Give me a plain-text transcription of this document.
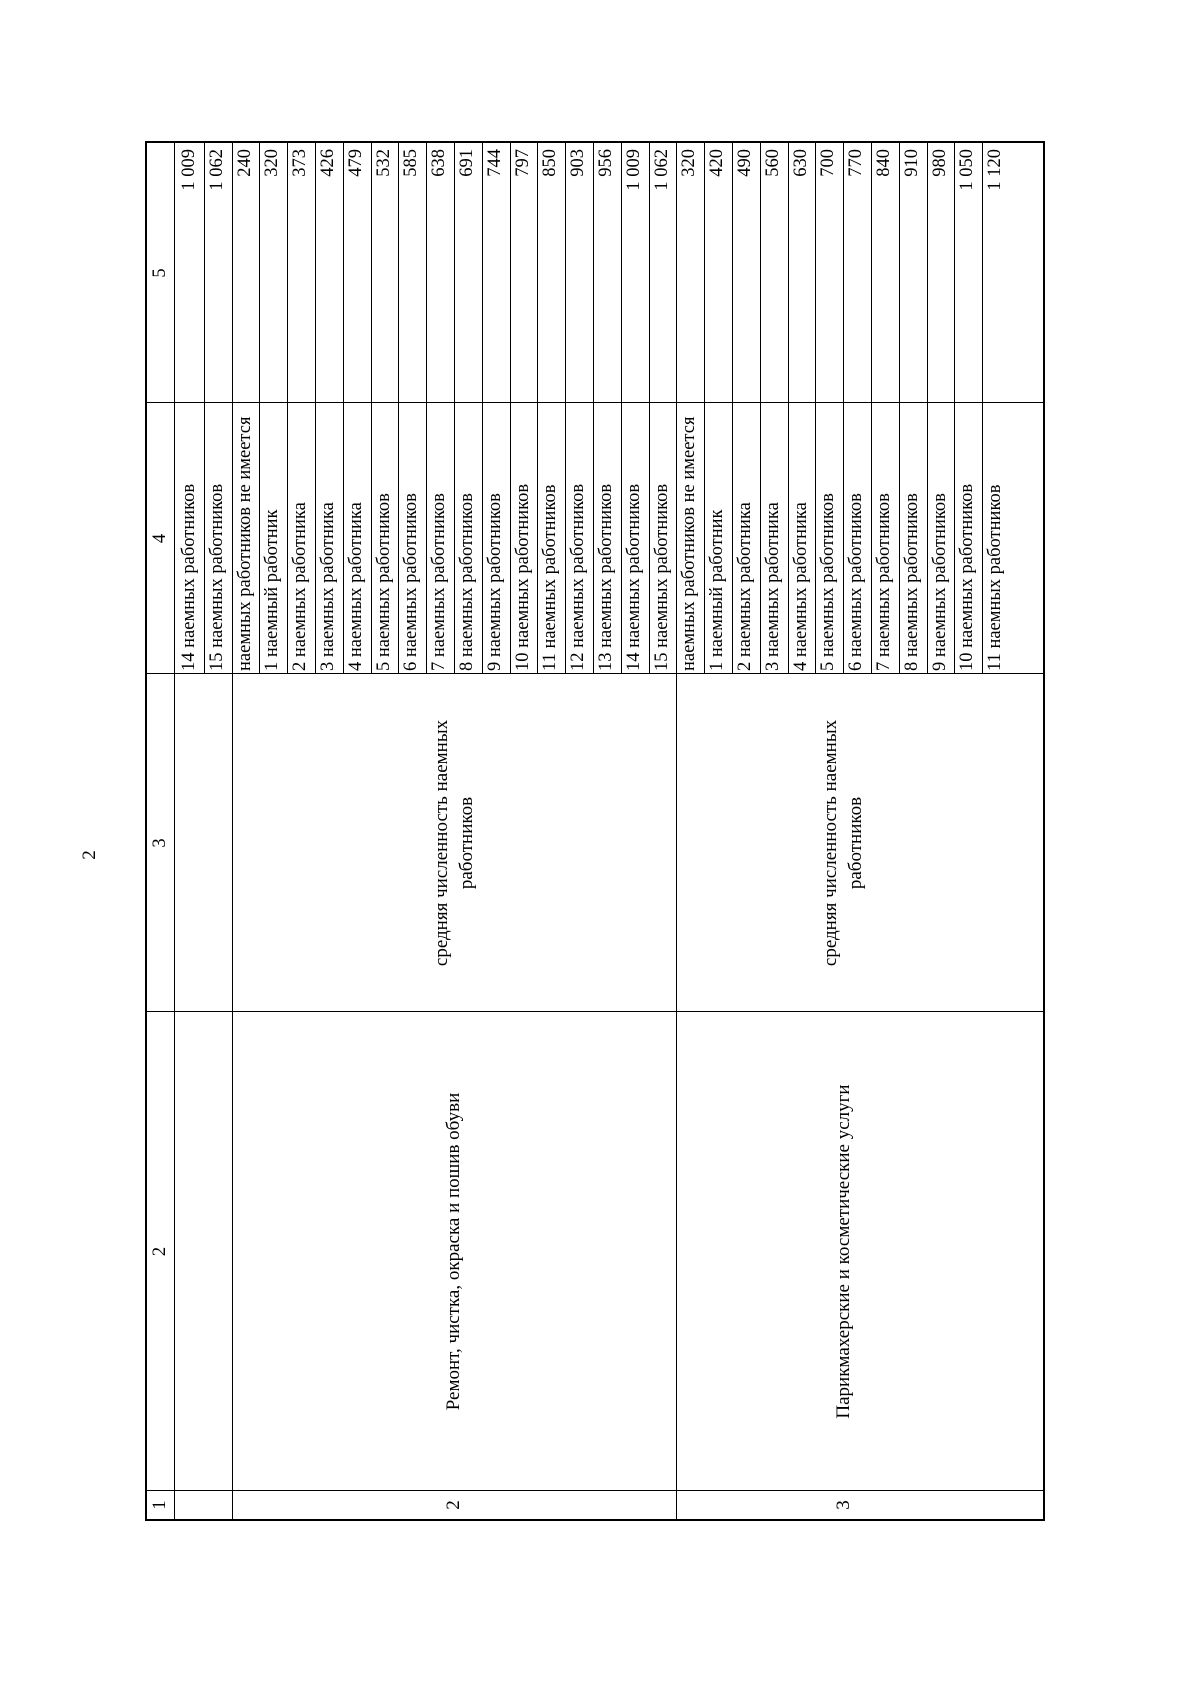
2
1
2
3
4
5
14 наемных работников
1 009
15 наемных работников
1 062
наемных работников не имеется
240
1 наемный работник
320
2 наемных работника
373
3 наемных работника
426
4 наемных работника
479
5 наемных работников
532
6 наемных работников
585
7 наемных работников
638
8 наемных работников
691
9 наемных работников
744
10 наемных работников
797
11 наемных работников
850
12 наемных работников
903
13 наемных работников
956
14 наемных работников
1 009
15 наемных работников
1 062
наемных работников не имеется
320
1 наемный работник
420
2 наемных работника
490
3 наемных работника
560
4 наемных работника
630
5 наемных работников
700
6 наемных работников
770
7 наемных работников
840
8 наемных работников
910
9 наемных работников
980
10 наемных работников
1 050
11 наемных работников
1 120
2
Ремонт, чистка, окраска и пошив обуви
средняя численность наемных работников
3
Парикмахерские и косметические услуги
средняя численность наемных работников
